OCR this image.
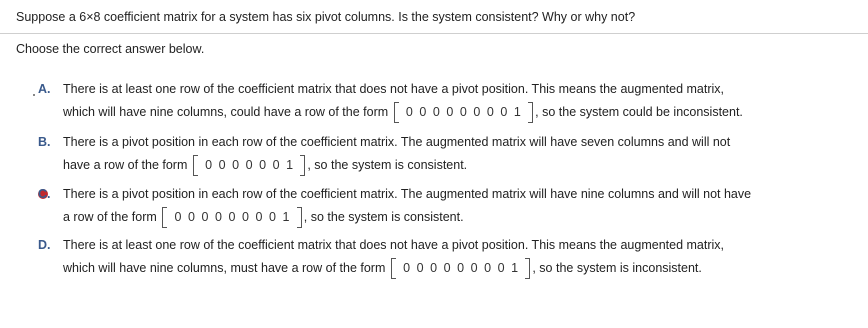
Suppose a 6×8 coefficient matrix for a system has six pivot columns. Is the system consistent? Why or why not?
Choose the correct answer below.
A.	There is at least one row of the coefficient matrix that does not have a pivot position. This means the augmented matrix,
which will have nine columns, could have a row of the form 0 0 0 0 0 0 0 0 1 , so the system could be inconsistent.
B.	There is a pivot position in each row of the coefficient matrix. The augmented matrix will have seven columns and will not
have a row of the form 0 0 0 0 0 0 1 , so the system is consistent.
C.	There is a pivot position in each row of the coefficient matrix. The augmented matrix will have nine columns and will not have
a row of the form 0 0 0 0 0 0 0 0 1 , so the system is consistent.
D.	There is at least one row of the coefficient matrix that does not have a pivot position. This means the augmented matrix,
which will have nine columns, must have a row of the form 0 0 0 0 0 0 0 0 1 , so the system is inconsistent.
